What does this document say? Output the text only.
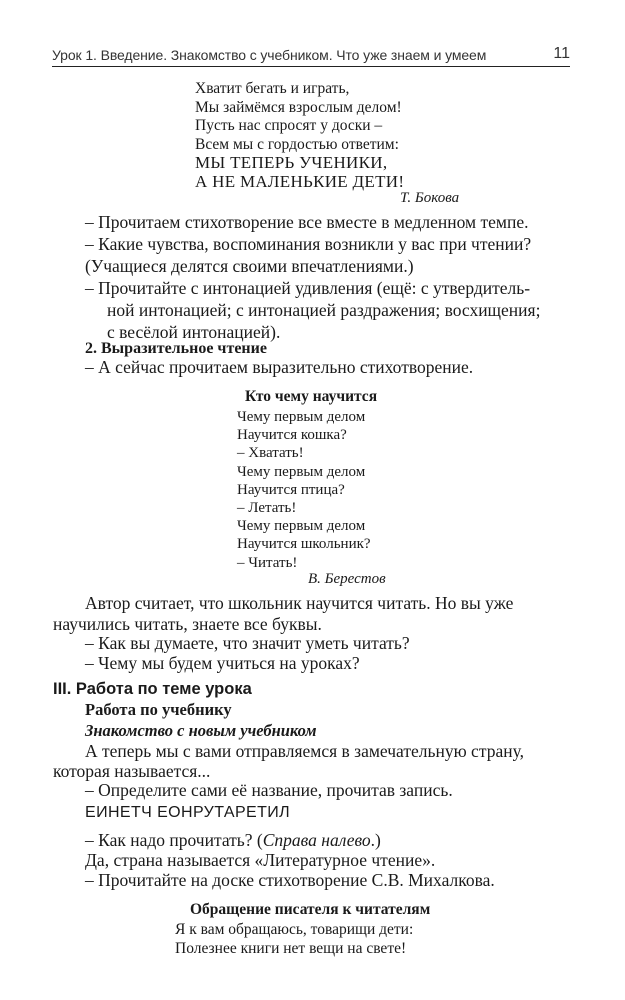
Урок 1. Введение. Знакомство с учебником. Что уже знаем и умеем	11
Хватит бегать и играть,
Мы займёмся взрослым делом!
Пусть нас спросят у доски –
Всем мы с гордостью ответим:
МЫ ТЕПЕРЬ УЧЕНИКИ,
А НЕ МАЛЕНЬКИЕ ДЕТИ!
Т. Бокова
– Прочитаем стихотворение все вместе в медленном темпе.
– Какие чувства, воспоминания возникли у вас при чтении?
(Учащиеся делятся своими впечатлениями.)
– Прочитайте с интонацией удивления (ещё: с утвердитель-
ной интонацией; с интонацией раздражения; восхищения;
с весёлой интонацией).
2. Выразительное чтение
– А сейчас прочитаем выразительно стихотворение.
Кто чему научится
Чему первым делом
Научится кошка?
– Хватать!
Чему первым делом
Научится птица?
– Летать!
Чему первым делом
Научится школьник?
– Читать!
В. Берестов
Автор считает, что школьник научится читать. Но вы уже
научились читать, знаете все буквы.
– Как вы думаете, что значит уметь читать?
– Чему мы будем учиться на уроках?
III. Работа по теме урока
Работа по учебнику
Знакомство с новым учебником
А теперь мы с вами отправляемся в замечательную страну,
которая называется...
– Определите сами её название, прочитав запись.
ЕИНЕТЧ ЕОНРУТАРЕТИЛ
– Как надо прочитать? (Справа налево.)
Да, страна называется «Литературное чтение».
– Прочитайте на доске стихотворение С.В. Михалкова.
Обращение писателя к читателям
Я к вам обращаюсь, товарищи дети:
Полезнее книги нет вещи на свете!
